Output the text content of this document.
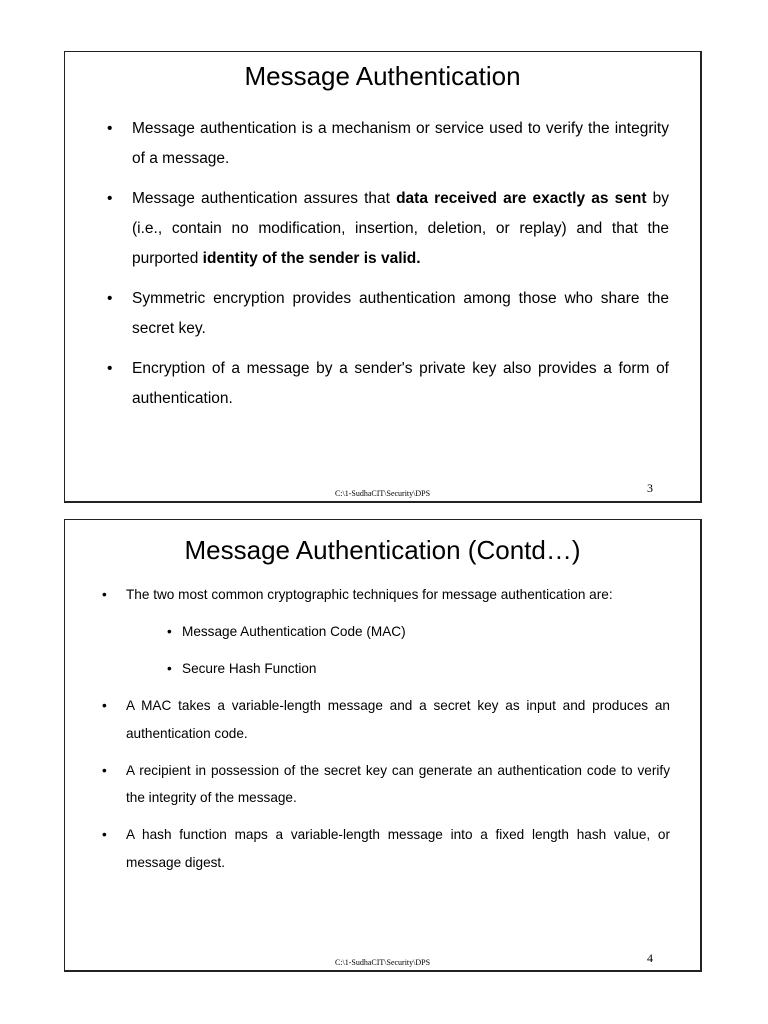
Message Authentication
• Message authentication is a mechanism or service used to verify the integrity of a message.
• Message authentication assures that data received are exactly as sent by (i.e., contain no modification, insertion, deletion, or replay) and that the purported identity of the sender is valid.
• Symmetric encryption provides authentication among those who share the secret key.
• Encryption of a message by a sender's private key also provides a form of authentication.
3
C:\1-SudhaCIT\Security\DPS
Message Authentication (Contd…)
• The two most common cryptographic techniques for message authentication are:
• Message Authentication Code (MAC)
• Secure Hash Function
• A MAC takes a variable-length message and a secret key as input and produces an authentication code.
• A recipient in possession of the secret key can generate an authentication code to verify the integrity of the message.
• A hash function maps a variable-length message into a fixed length hash value, or message digest.
4
C:\1-SudhaCIT\Security\DPS
